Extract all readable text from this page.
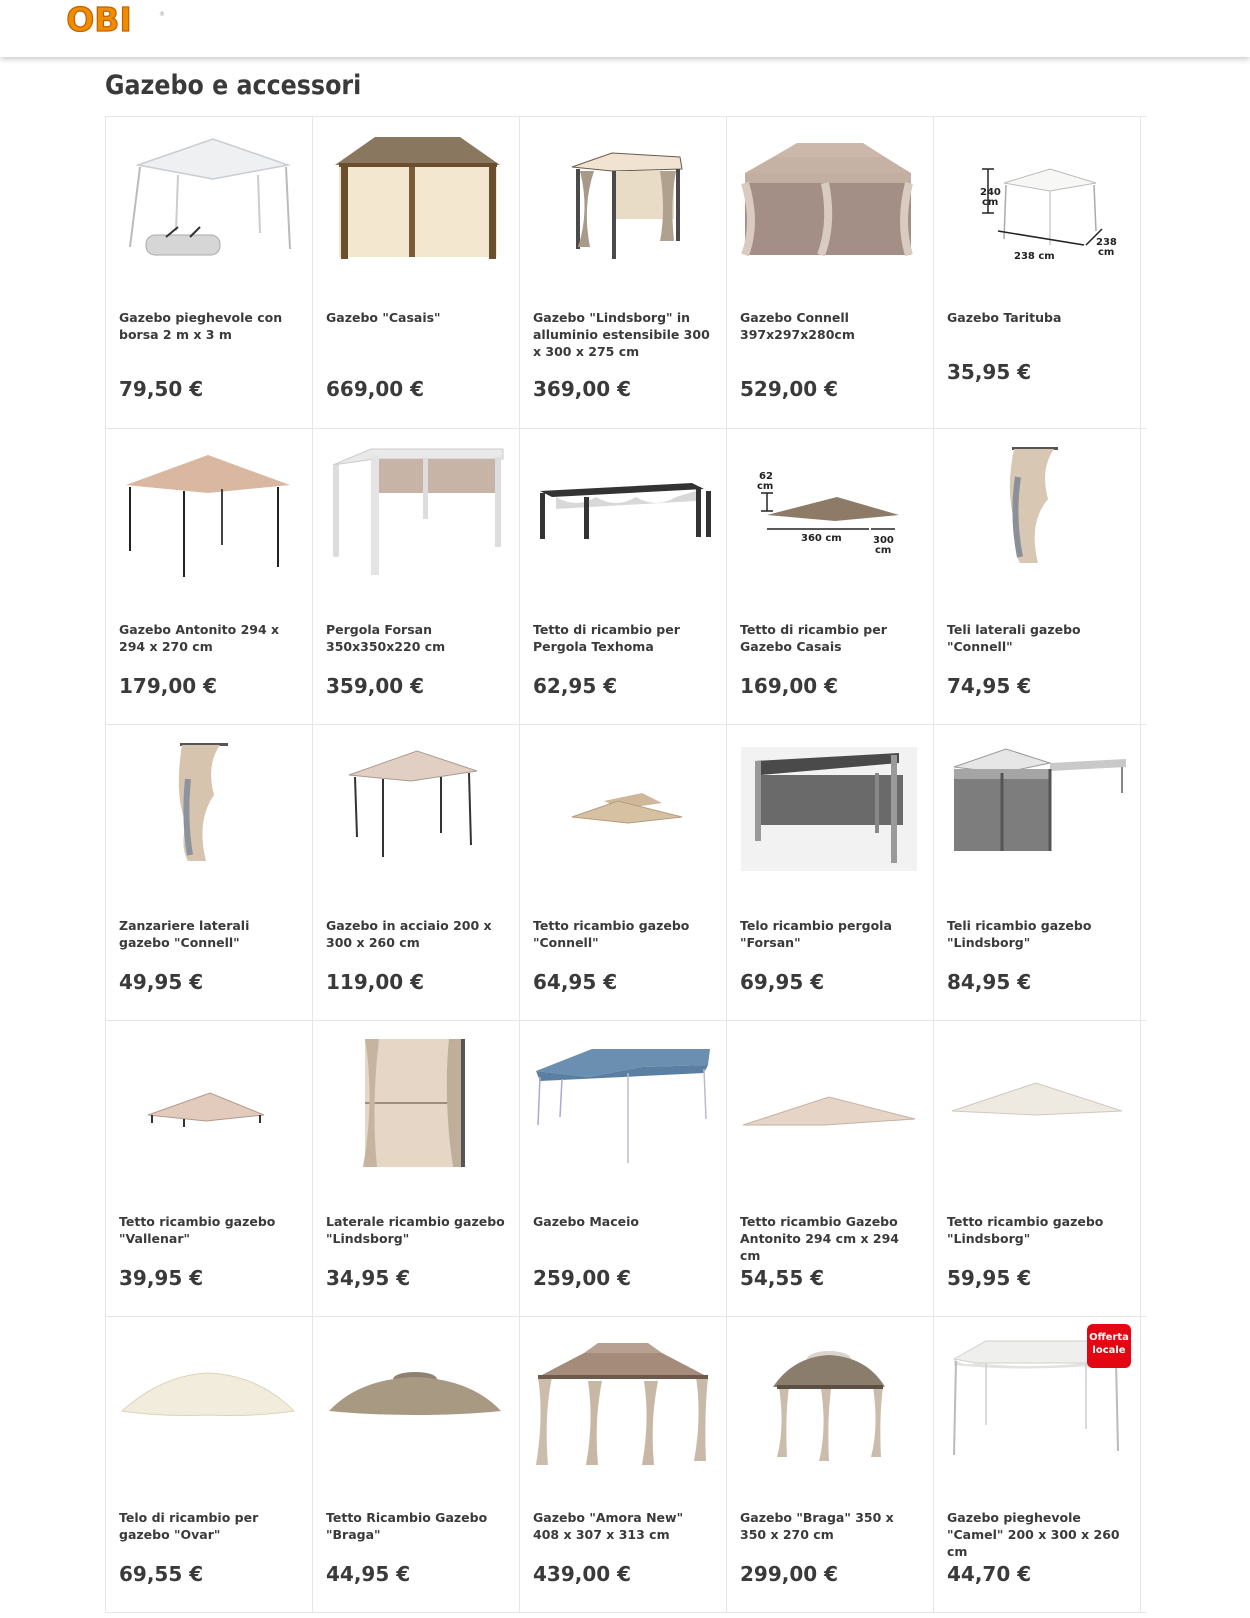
OBI	®
Gazebo e accessori

Gazebo pieghevole con borsa 2 m x 3 m

79,50 €

Gazebo "Casais"

669,00 €

Gazebo "Lindsborg" in alluminio estensibile 300 x 300 x 275 cm

369,00 €

Gazebo Connell 397x297x280cm

529,00 €

240
cm
238 cm
238
cm

Gazebo Tarituba

35,95 €

Gazebo Antonito 294 x 294 x 270 cm

179,00 €

Pergola Forsan 350x350x220 cm

359,00 €

Tetto di ricambio per Pergola Texhoma

62,95 €

62
cm
360 cm	300
cm

Tetto di ricambio per Gazebo Casais

169,00 €

Teli laterali gazebo "Connell"

74,95 €

Zanzariere laterali gazebo "Connell"

49,95 €

Gazebo in acciaio 200 x 300 x 260 cm

119,00 €

Tetto ricambio gazebo "Connell"

64,95 €

Telo ricambio pergola "Forsan"

69,95 €

Teli ricambio gazebo "Lindsborg"

84,95 €

Tetto ricambio gazebo "Vallenar"

39,95 €

Laterale ricambio gazebo "Lindsborg"

34,95 €

Gazebo Maceio

259,00 €

Tetto ricambio Gazebo Antonito 294 cm x 294 cm

54,55 €

Tetto ricambio gazebo "Lindsborg"

59,95 €

Telo di ricambio per gazebo "Ovar"

69,55 €

Tetto Ricambio Gazebo "Braga"

44,95 €

Gazebo "Amora New" 408 x 307 x 313 cm

439,00 €

Gazebo "Braga" 350 x 350 x 270 cm

299,00 €

Offerta
locale

Gazebo pieghevole "Camel" 200 x 300 x 260 cm

44,70 €
